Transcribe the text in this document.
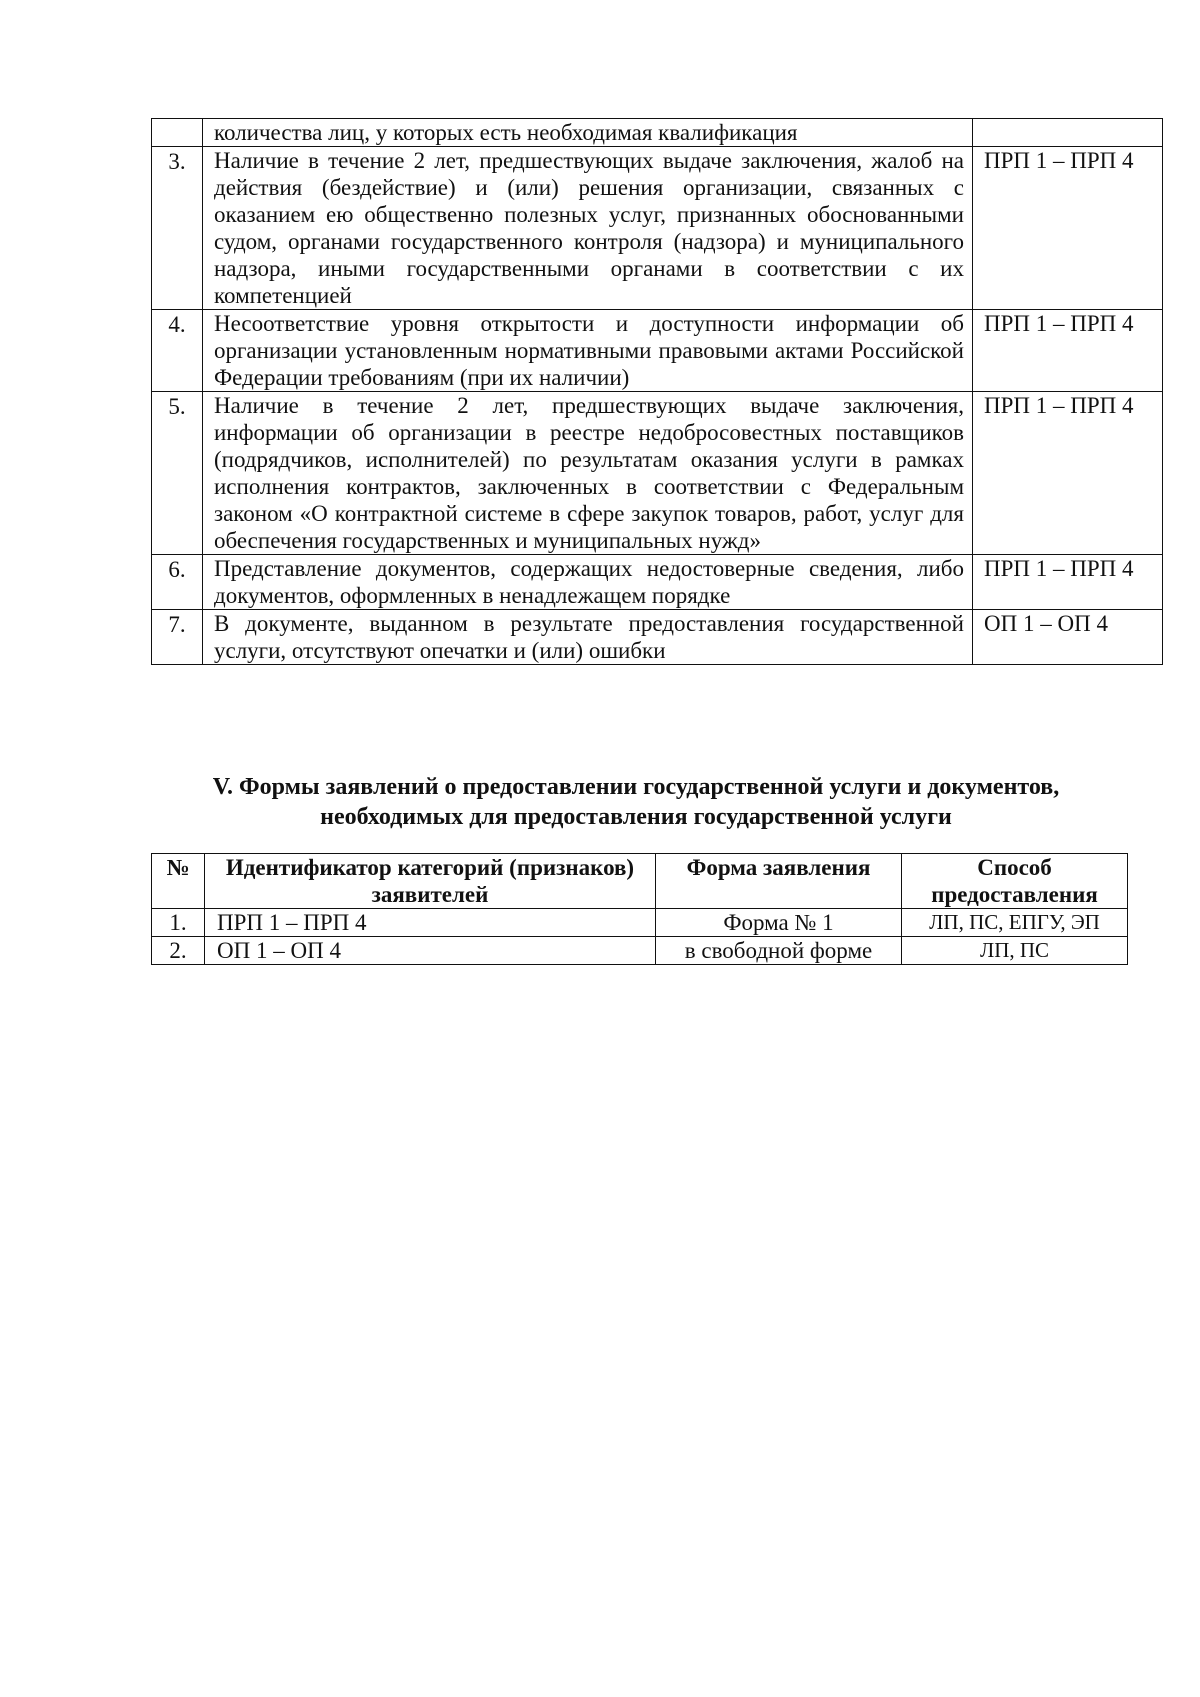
	количества лиц, у которых есть необходимая квалификация	
3.	Наличие в течение 2 лет, предшествующих выдаче заключения, жалоб на действия (бездействие) и (или) решения организации, связанных с оказанием ею общественно полезных услуг, признанных обоснованными судом, органами государственного контроля (надзора) и муниципального надзора, иными государственными органами в соответствии с их компетенцией	ПРП 1 – ПРП 4
4.	Несоответствие уровня открытости и доступности информации об организации установленным нормативными правовыми актами Российской Федерации требованиям (при их наличии)	ПРП 1 – ПРП 4
5.	Наличие в течение 2 лет, предшествующих выдаче заключения, информации об организации в реестре недобросовестных поставщиков (подрядчиков, исполнителей) по результатам оказания услуги в рамках исполнения контрактов, заключенных в соответствии с Федеральным законом «О контрактной системе в сфере закупок товаров, работ, услуг для обеспечения государственных и муниципальных нужд»	ПРП 1 – ПРП 4
6.	Представление документов, содержащих недостоверные сведения, либо документов, оформленных в ненадлежащем порядке	ПРП 1 – ПРП 4
7.	В документе, выданном в результате предоставления государственной услуги, отсутствуют опечатки и (или) ошибки	ОП 1 – ОП 4
V. Формы заявлений о предоставлении государственной услуги и документов,
необходимых для предоставления государственной услуги
№	Идентификатор категорий (признаков) заявителей	Форма заявления	Способ предоставления
1.	ПРП 1 – ПРП 4	Форма № 1	ЛП, ПС, ЕПГУ, ЭП
2.	ОП 1 – ОП 4	в свободной форме	ЛП, ПС
